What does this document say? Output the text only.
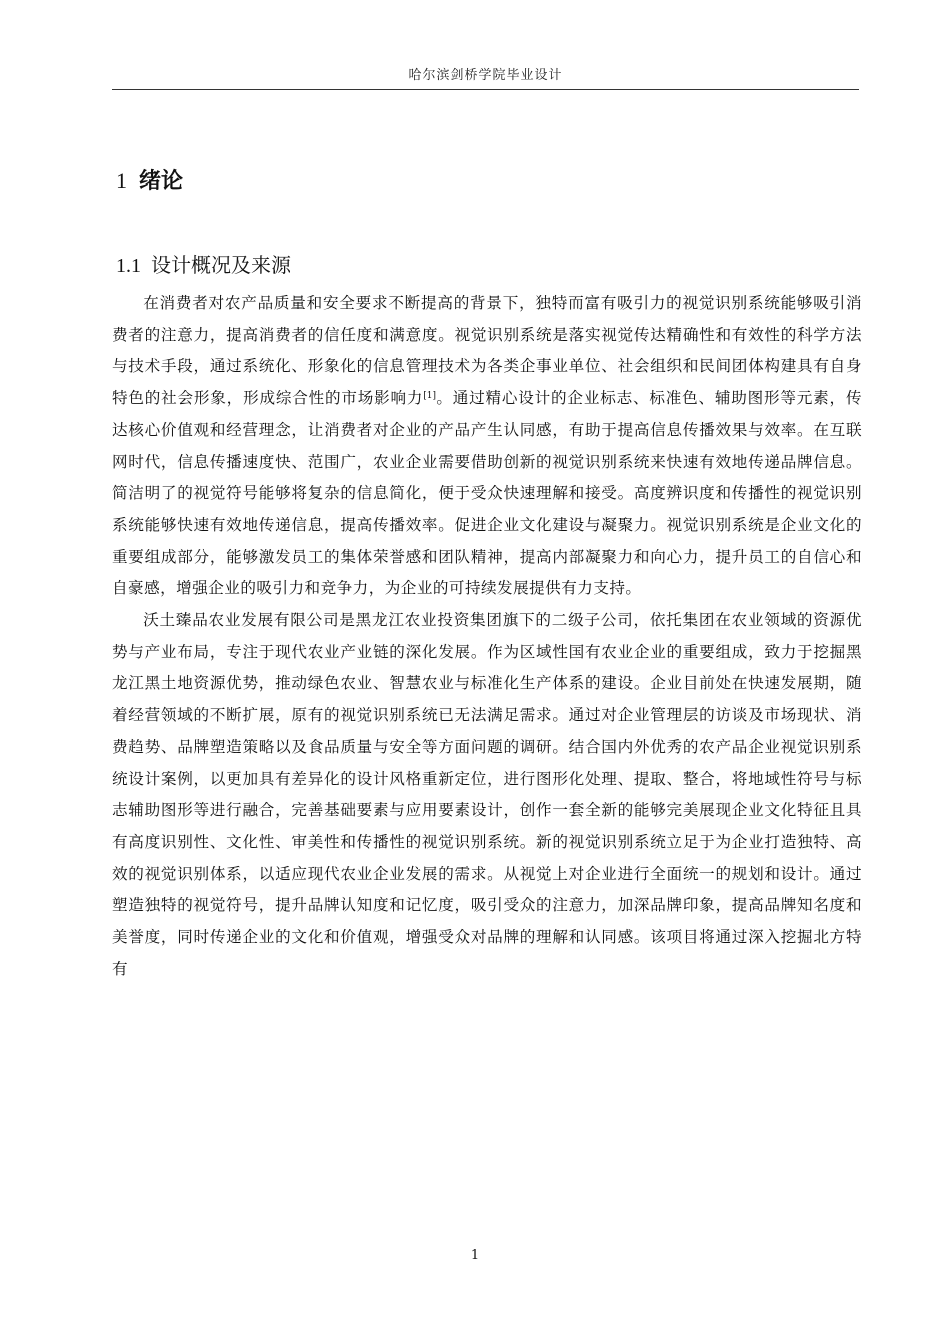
哈尔滨剑桥学院毕业设计
1 绪论
1.1 设计概况及来源

在消费者对农产品质量和安全要求不断提高的背景下，独特而富有吸引力的视觉识别系统能够吸引消费者的注意力，提高消费者的信任度和满意度。视觉识别系统是落实视觉传达精确性和有效性的科学方法与技术手段，通过系统化、形象化的信息管理技术为各类企事业单位、社会组织和民间团体构建具有自身特色的社会形象，形成综合性的市场影响力[1]。通过精心设计的企业标志、标准色、辅助图形等元素，传达核心价值观和经营理念，让消费者对企业的产品产生认同感，有助于提高信息传播效果与效率。在互联网时代，信息传播速度快、范围广，农业企业需要借助创新的视觉识别系统来快速有效地传递品牌信息。简洁明了的视觉符号能够将复杂的信息简化，便于受众快速理解和接受。高度辨识度和传播性的视觉识别系统能够快速有效地传递信息，提高传播效率。促进企业文化建设与凝聚力。视觉识别系统是企业文化的重要组成部分，能够激发员工的集体荣誉感和团队精神，提高内部凝聚力和向心力，提升员工的自信心和自豪感，增强企业的吸引力和竞争力，为企业的可持续发展提供有力支持。

沃土臻品农业发展有限公司是黑龙江农业投资集团旗下的二级子公司，依托集团在农业领域的资源优势与产业布局，专注于现代农业产业链的深化发展。作为区域性国有农业企业的重要组成，致力于挖掘黑龙江黑土地资源优势，推动绿色农业、智慧农业与标准化生产体系的建设。企业目前处在快速发展期，随着经营领域的不断扩展，原有的视觉识别系统已无法满足需求。通过对企业管理层的访谈及市场现状、消费趋势、品牌塑造策略以及食品质量与安全等方面问题的调研。结合国内外优秀的农产品企业视觉识别系统设计案例，以更加具有差异化的设计风格重新定位，进行图形化处理、提取、整合，将地域性符号与标志辅助图形等进行融合，完善基础要素与应用要素设计，创作一套全新的能够完美展现企业文化特征且具有高度识别性、文化性、审美性和传播性的视觉识别系统。新的视觉识别系统立足于为企业打造独特、高效的视觉识别体系，以适应现代农业企业发展的需求。从视觉上对企业进行全面统一的规划和设计。通过塑造独特的视觉符号，提升品牌认知度和记忆度，吸引受众的注意力，加深品牌印象，提高品牌知名度和美誉度，同时传递企业的文化和价值观，增强受众对品牌的理解和认同感。该项目将通过深入挖掘北方特有

1
